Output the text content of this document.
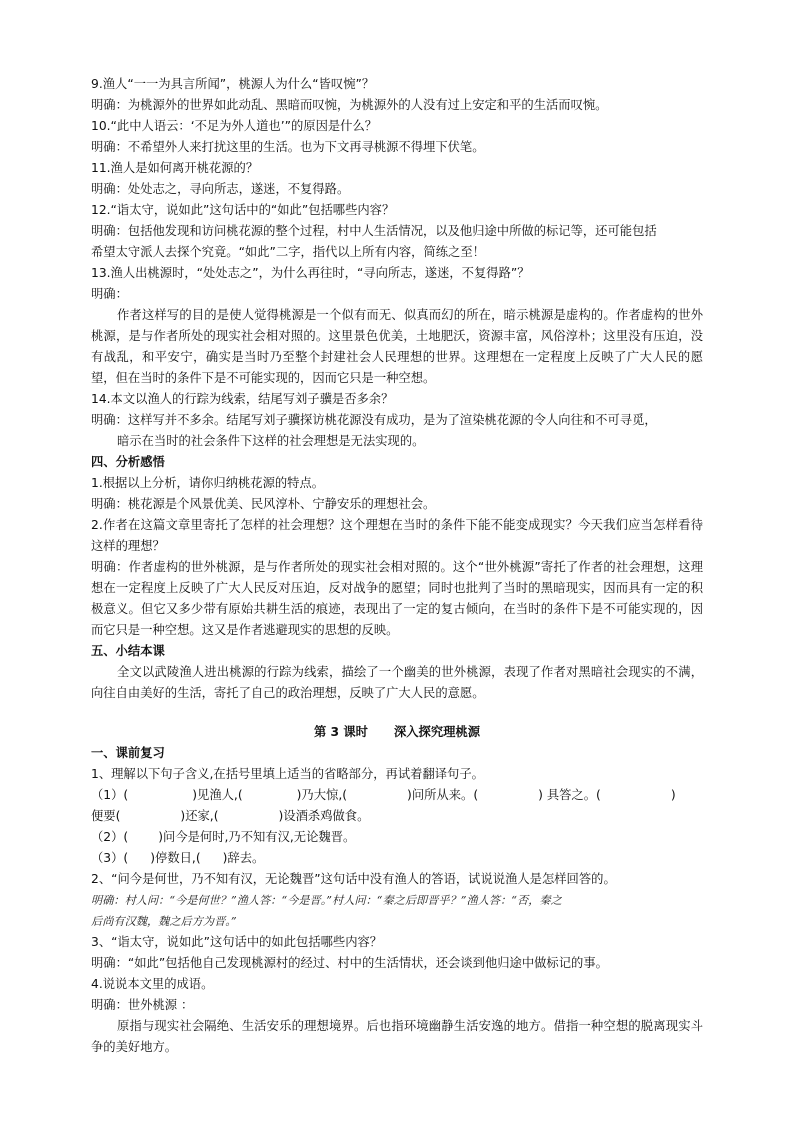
9.渔人“一一为具言所闻”，桃源人为什么“皆叹惋”？
明确：为桃源外的世界如此动乱、黑暗而叹惋，为桃源外的人没有过上安定和平的生活而叹惋。
10.“此中人语云：‘不足为外人道也’”的原因是什么？
明确：不希望外人来打扰这里的生活。也为下文再寻桃源不得埋下伏笔。
11.渔人是如何离开桃花源的？
明确：处处志之，寻向所志，遂迷，不复得路。
12.“诣太守，说如此”这句话中的“如此”包括哪些内容？
明确：包括他发现和访问桃花源的整个过程，村中人生活情况，以及他归途中所做的标记等，还可能包括
希望太守派人去探个究竟。“如此”二字，指代以上所有内容，简练之至！
13.渔人出桃源时，“处处志之”，为什么再往时，“寻向所志，遂迷，不复得路”？
明确：
作者这样写的目的是使人觉得桃源是一个似有而无、似真而幻的所在，暗示桃源是虚构的。作者虚构的世外桃源，是与作者所处的现实社会相对照的。这里景色优美，土地肥沃，资源丰富，风俗淳朴；这里没有压迫，没有战乱，和平安宁，确实是当时乃至整个封建社会人民理想的世界。这理想在一定程度上反映了广大人民的愿望，但在当时的条件下是不可能实现的，因而它只是一种空想。
14.本文以渔人的行踪为线索，结尾写刘子骥是否多余？
明确：这样写并不多余。结尾写刘子骥探访桃花源没有成功，是为了渲染桃花源的令人向往和不可寻觅，
暗示在当时的社会条件下这样的社会理想是无法实现的。
四、分析感悟
1.根据以上分析，请你归纳桃花源的特点。
明确：桃花源是个风景优美、民风淳朴、宁静安乐的理想社会。
2.作者在这篇文章里寄托了怎样的社会理想？这个理想在当时的条件下能不能变成现实？今天我们应当怎样看待这样的理想？
明确：作者虚构的世外桃源，是与作者所处的现实社会相对照的。这个“世外桃源”寄托了作者的社会理想，这理想在一定程度上反映了广大人民反对压迫，反对战争的愿望；同时也批判了当时的黑暗现实，因而具有一定的积极意义。但它又多少带有原始共耕生活的痕迹，表现出了一定的复古倾向，在当时的条件下是不可能实现的，因而它只是一种空想。这又是作者逃避现实的思想的反映。
五、小结本课
全文以武陵渔人进出桃源的行踪为线索，描绘了一个幽美的世外桃源，表现了作者对黑暗社会现实的不满，向往自由美好的生活，寄托了自己的政治理想，反映了广大人民的意愿。
第 3 课时 深入探究理桃源
一、课前复习
1、理解以下句子含义,在括号里填上适当的省略部分，再试着翻译句子。
（1）(	)见渔人,(	)乃大惊,(	)问所从来。(	) 具答之。(	)
便要(	)还家,(	)设酒杀鸡做食。
（2）( )问今是何时,乃不知有汉,无论魏晋。
（3）( )停数日,( )辞去。
2、“问今是何世，乃不知有汉，无论魏晋”这句话中没有渔人的答语，试说说渔人是怎样回答的。
明确：村人问：“今是何世？”渔人答：“今是晋。”村人问：“秦之后即晋乎？”渔人答：“否，秦之
后尚有汉魏，魏之后方为晋。”
3、“诣太守，说如此”这句话中的如此包括哪些内容？
明确：“如此”包括他自己发现桃源村的经过、村中的生活情状，还会谈到他归途中做标记的事。
4.说说本文里的成语。
明确：世外桃源 ：
原指与现实社会隔绝、生活安乐的理想境界。后也指环境幽静生活安逸的地方。借指一种空想的脱离现实斗争的美好地方。
